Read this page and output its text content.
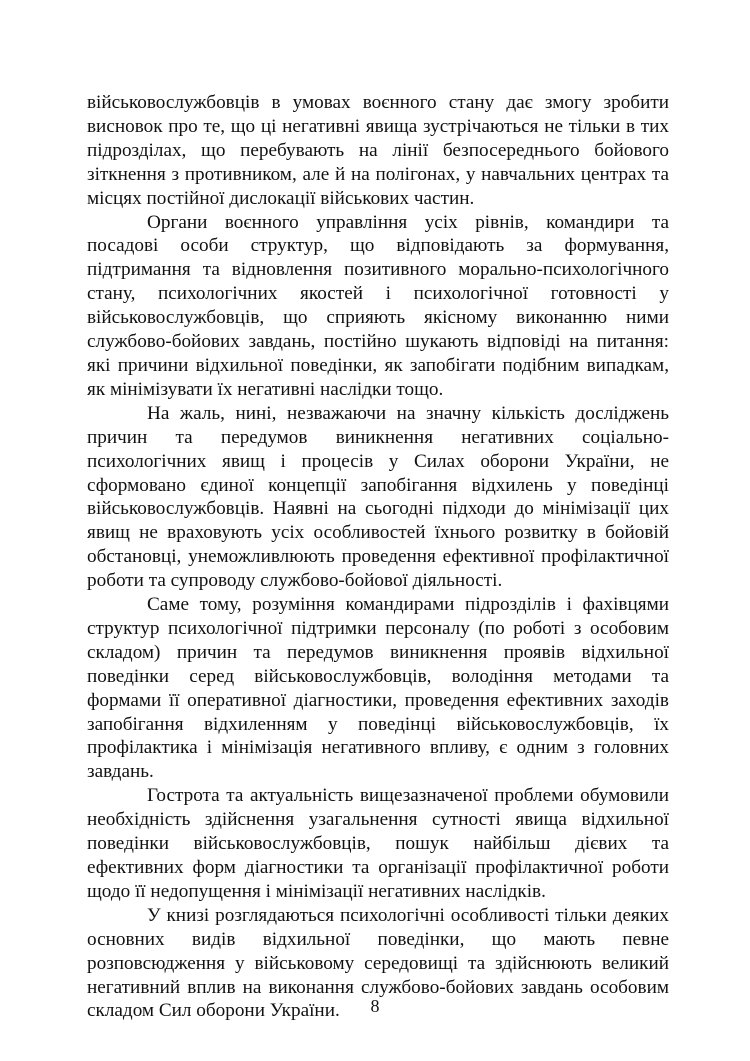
військовослужбовців в умовах воєнного стану дає змогу зробити висновок про те, що ці негативні явища зустрічаються не тільки в тих підрозділах, що перебувають на лінії безпосереднього бойового зіткнення з противником, але й на полігонах, у навчальних центрах та місцях постійної дислокації військових частин.

Органи воєнного управління усіх рівнів, командири та посадові особи структур, що відповідають за формування, підтримання та відновлення позитивного морально-психологічного стану, психологічних якостей і психологічної готовності у військовослужбовців, що сприяють якісному виконанню ними службово-бойових завдань, постійно шукають відповіді на питання: які причини відхильної поведінки, як запобігати подібним випадкам, як мінімізувати їх негативні наслідки тощо.

На жаль, нині, незважаючи на значну кількість досліджень причин та передумов виникнення негативних соціально-психологічних явищ і процесів у Силах оборони України, не сформовано єдиної концепції запобігання відхилень у поведінці військовослужбовців. Наявні на сьогодні підходи до мінімізації цих явищ не враховують усіх особливостей їхнього розвитку в бойовій обстановці, унеможливлюють проведення ефективної профілактичної роботи та супроводу службово-бойової діяльності.

Саме тому, розуміння командирами підрозділів і фахівцями структур психологічної підтримки персоналу (по роботі з особовим складом) причин та передумов виникнення проявів відхильної поведінки серед військовослужбовців, володіння методами та формами її оперативної діагностики, проведення ефективних заходів запобігання відхиленням у поведінці військовослужбовців, їх профілактика і мінімізація негативного впливу, є одним з головних завдань.

Гострота та актуальність вищезазначеної проблеми обумовили необхідність здійснення узагальнення сутності явища відхильної поведінки військовослужбовців, пошук найбільш дієвих та ефективних форм діагностики та організації профілактичної роботи щодо її недопущення і мінімізації негативних наслідків.

У книзі розглядаються психологічні особливості тільки деяких основних видів відхильної поведінки, що мають певне розповсюдження у військовому середовищі та здійснюють великий негативний вплив на виконання службово-бойових завдань особовим складом Сил оборони України.	8
